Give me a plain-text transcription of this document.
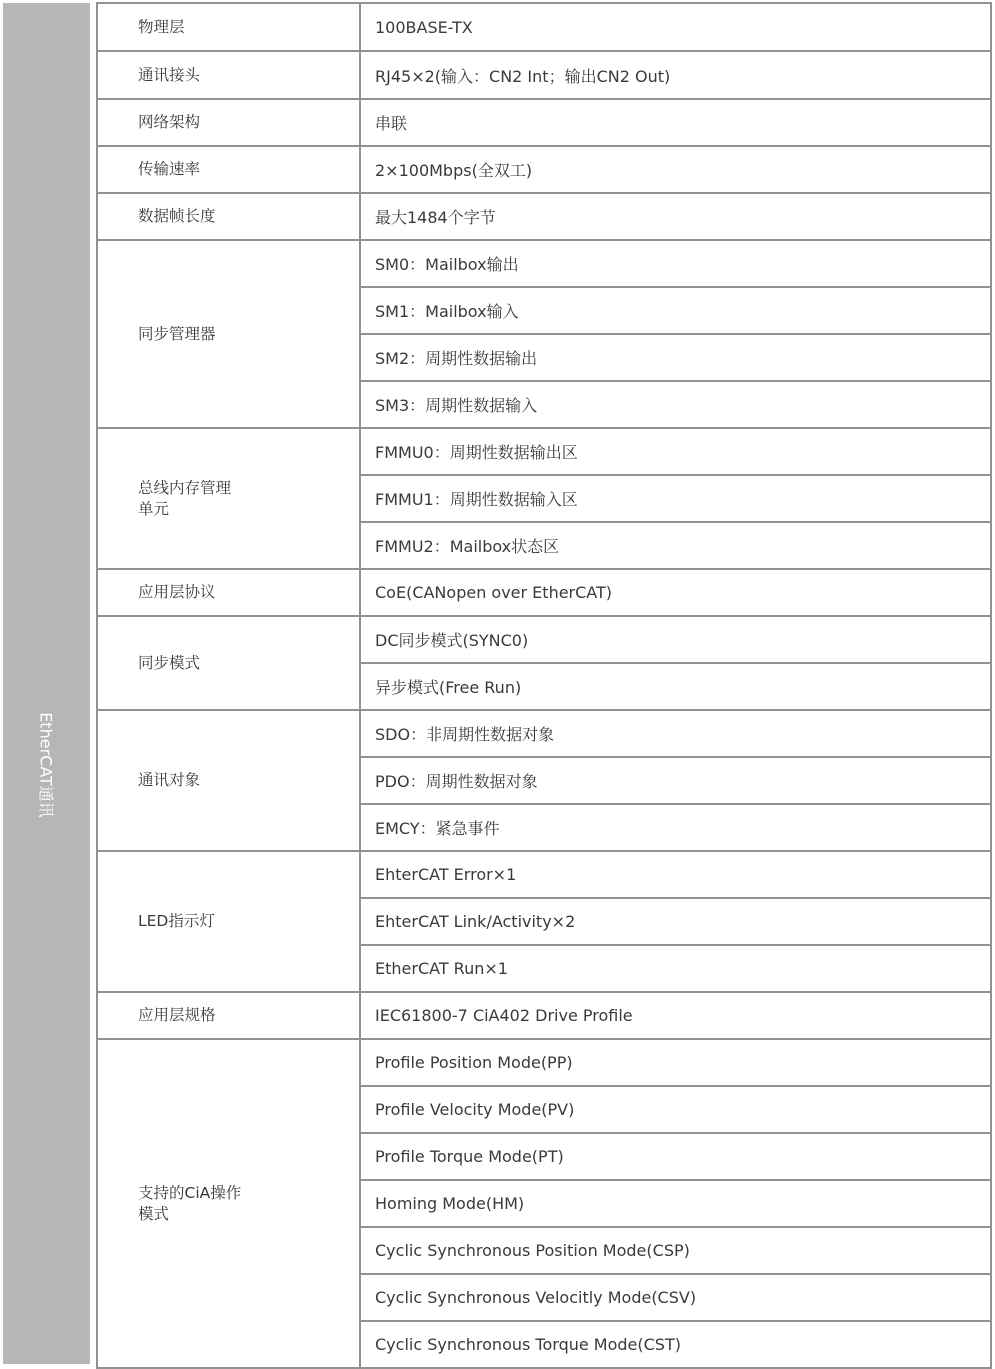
EtherCAT通讯
物理层	100BASE-TX
通讯接头	RJ45×2(输入：CN2 Int；输出CN2 Out)
网络架构	串联
传输速率	2×100Mbps(全双工)
数据帧长度	最大1484个字节
同步管理器	SM0：Mailbox输出
	SM1：Mailbox输入
	SM2：周期性数据输出
	SM3：周期性数据输入

总线内存管理单元	FMMU0：周期性数据输出区
	FMMU1：周期性数据输入区
	FMMU2：Mailbox状态区
应用层协议	CoE(CANopen over EtherCAT)
同步模式	DC同步模式(SYNC0)
	异步模式(Free Run)
通讯对象	SDO：非周期性数据对象
	PDO：周期性数据对象
	EMCY：紧急事件
LED指示灯	EhterCAT Error×1
	EhterCAT Link/Activity×2
	EtherCAT Run×1
应用层规格	IEC61800-7 CiA402 Drive Profile

支持的CiA操作模式	Profile Position Mode(PP)
	Profile Velocity Mode(PV)
	Profile Torque Mode(PT)
	Homing Mode(HM)
	Cyclic Synchronous Position Mode(CSP)
	Cyclic Synchronous Velocitly Mode(CSV)
	Cyclic Synchronous Torque Mode(CST)
